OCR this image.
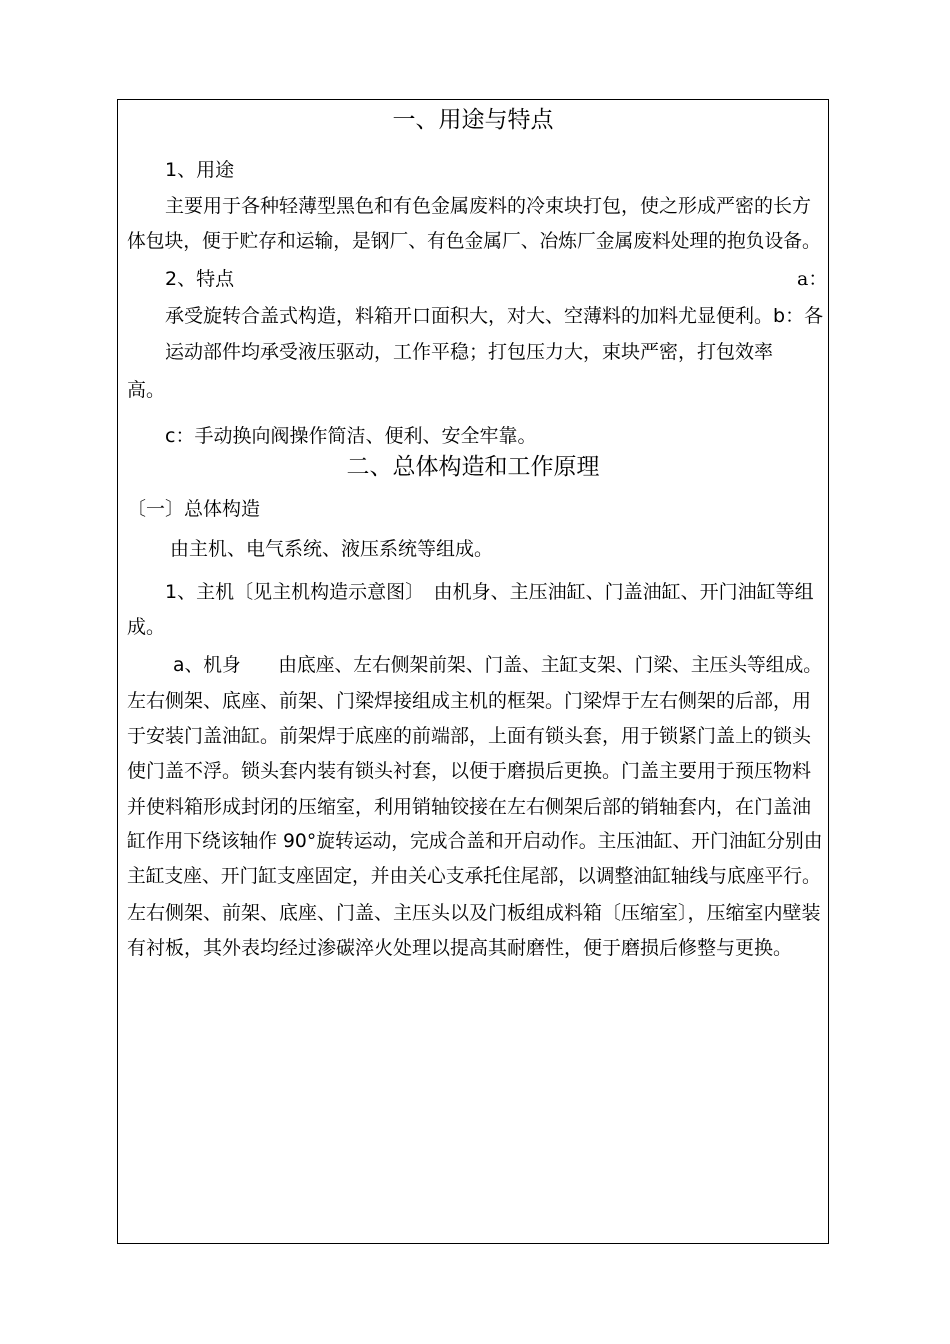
一、用途与特点
1、用途
主要用于各种轻薄型黑色和有色金属废料的冷束块打包，使之形成严密的长方
体包块，便于贮存和运输，是钢厂、有色金属厂、冶炼厂金属废料处理的抱负设备。
2、特点	a：
承受旋转合盖式构造，料箱开口面积大，对大、空薄料的加料尤显便利。b：各
运动部件均承受液压驱动，工作平稳；打包压力大，束块严密，打包效率
高。
c：手动换向阀操作简洁、便利、安全牢靠。
二、总体构造和工作原理
〔一〕总体构造
由主机、电气系统、液压系统等组成。
1、主机〔见主机构造示意图〕　由机身、主压油缸、门盖油缸、开门油缸等组
成。
a、机身　　由底座、左右侧架前架、门盖、主缸支架、门梁、主压头等组成。
左右侧架、底座、前架、门梁焊接组成主机的框架。门梁焊于左右侧架的后部，用
于安装门盖油缸。前架焊于底座的前端部，上面有锁头套，用于锁紧门盖上的锁头
使门盖不浮。锁头套内装有锁头衬套，以便于磨损后更换。门盖主要用于预压物料
并使料箱形成封闭的压缩室，利用销轴铰接在左右侧架后部的销轴套内，在门盖油
缸作用下绕该轴作 90°旋转运动，完成合盖和开启动作。主压油缸、开门油缸分别由
主缸支座、开门缸支座固定，并由关心支承托住尾部，以调整油缸轴线与底座平行。
左右侧架、前架、底座、门盖、主压头以及门板组成料箱〔压缩室〕，压缩室内壁装
有衬板，其外表均经过渗碳淬火处理以提高其耐磨性，便于磨损后修整与更换。
